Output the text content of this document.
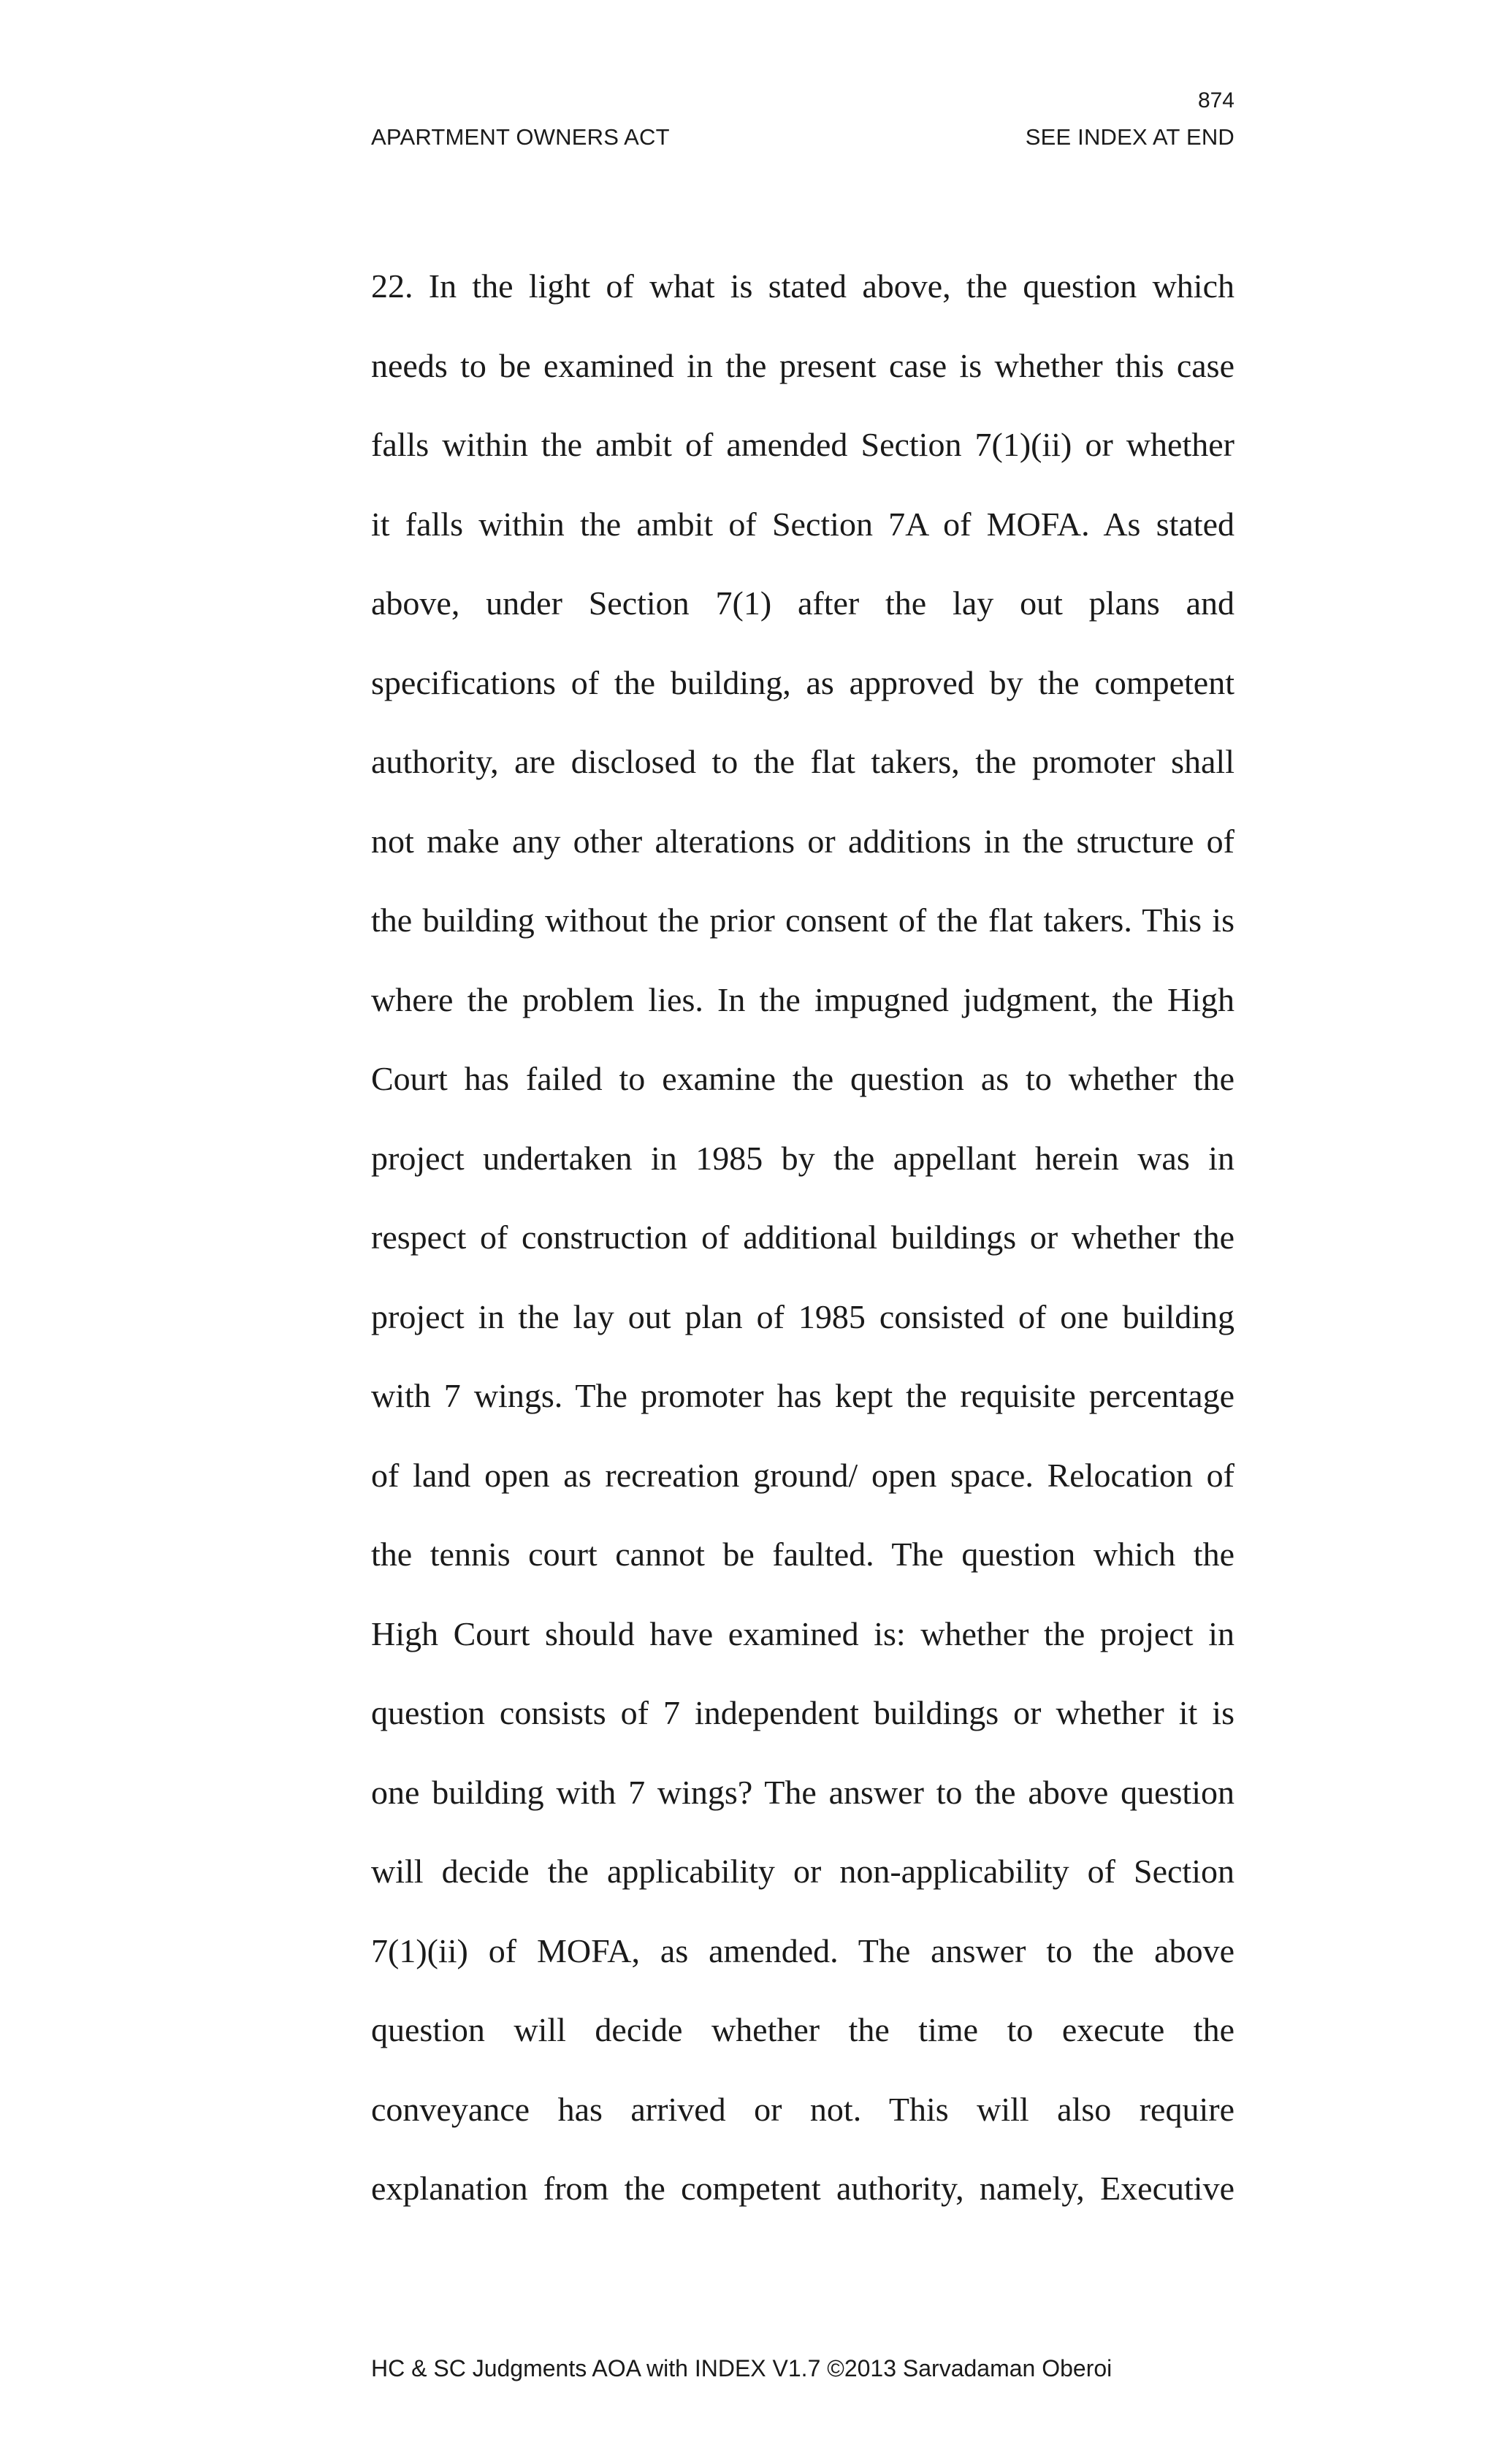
874
APARTMENT OWNERS ACT	SEE INDEX AT END
22. In the light of what is stated above, the question which
needs to be examined in the present case is whether this case
falls within the ambit of amended Section 7(1)(ii) or whether
it falls within the ambit of Section 7A of MOFA. As stated
above, under Section 7(1) after the lay out plans and
specifications of the building, as approved by the competent
authority, are disclosed to the flat takers, the promoter shall
not make any other alterations or additions in the structure of
the building without the prior consent of the flat takers. This is
where the problem lies. In the impugned judgment, the High
Court has failed to examine the question as to whether the
project undertaken in 1985 by the appellant herein was in
respect of construction of additional buildings or whether the
project in the lay out plan of 1985 consisted of one building
with 7 wings. The promoter has kept the requisite percentage
of land open as recreation ground/ open space. Relocation of
the tennis court cannot be faulted. The question which the
High Court should have examined is: whether the project in
question consists of 7 independent buildings or whether it is
one building with 7 wings? The answer to the above question
will decide the applicability or non-applicability of Section
7(1)(ii) of MOFA, as amended. The answer to the above
question will decide whether the time to execute the
conveyance has arrived or not. This will also require
explanation from the competent authority, namely, Executive
HC & SC Judgments AOA with INDEX V1.7 ©2013 Sarvadaman Oberoi
